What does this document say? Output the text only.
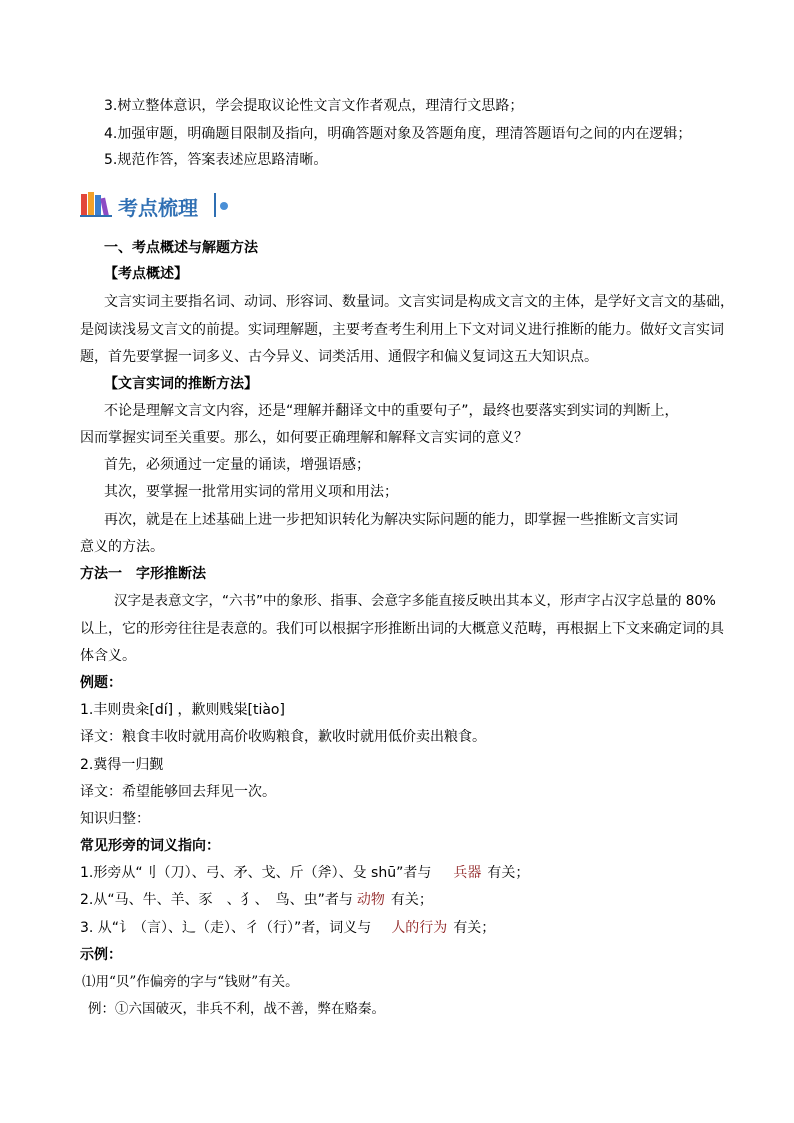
3.树立整体意识，学会提取议论性文言文作者观点，理清行文思路；
4.加强审题，明确题目限制及指向，明确答题对象及答题角度，理清答题语句之间的内在逻辑；
5.规范作答，答案表述应思路清晰。
考点梳理
一、考点概述与解题方法
【考点概述】
文言实词主要指名词、动词、形容词、数量词。文言实词是构成文言文的主体，是学好文言文的基础，
是阅读浅易文言文的前提。实词理解题，主要考查考生利用上下文对词义进行推断的能力。做好文言实词
题，首先要掌握一词多义、古今异义、词类活用、通假字和偏义复词这五大知识点。
【文言实词的推断方法】
不论是理解文言文内容，还是“理解并翻译文中的重要句子”，最终也要落实到实词的判断上，
因而掌握实词至关重要。那么，如何要正确理解和解释文言实词的意义？
首先，必须通过一定量的诵读，增强语感；
其次，要掌握一批常用实词的常用义项和用法；
再次，就是在上述基础上进一步把知识转化为解决实际问题的能力，即掌握一些推断文言实词
意义的方法。
方法一　字形推断法
汉字是表意文字，“六书”中的象形、指事、会意字多能直接反映出其本义，形声字占汉字总量的 80%
以上，它的形旁往往是表意的。我们可以根据字形推断出词的大概意义范畴，再根据上下文来确定词的具
体含义。
例题：
1.丰则贵籴[dí] ，歉则贱粜[tiào]
译文：粮食丰收时就用高价收购粮食，歉收时就用低价卖出粮食。
2.冀得一归觐
译文：希望能够回去拜见一次。
知识归整：
常见形旁的词义指向：
1.形旁从“刂（刀）、弓、矛、戈、斤（斧）、殳 shū”者与 兵器 有关；
2.从“马、牛、羊、豕　、犭、　鸟、虫”者与 动物 有关；
3. 从“讠（言）、辶（走）、彳（行）”者，词义与 人的行为 有关；
示例：
⑴用“贝”作偏旁的字与“钱财”有关。
例：①六国破灭，非兵不利，战不善，弊在赂秦。
